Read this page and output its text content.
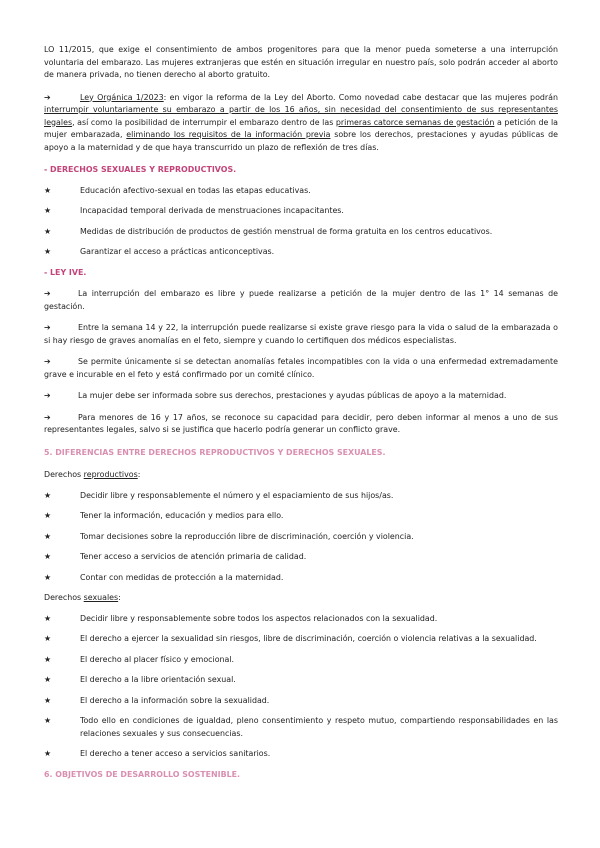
LO 11/2015, que exige el consentimiento de ambos progenitores para que la menor pueda someterse a una interrupción voluntaria del embarazo. Las mujeres extranjeras que estén en situación irregular en nuestro país, solo podrán acceder al aborto de manera privada, no tienen derecho al aborto gratuito.

➔	Ley Orgánica 1/2023: en vigor la reforma de la Ley del Aborto. Como novedad cabe destacar que las mujeres podrán interrumpir voluntariamente su embarazo a partir de los 16 años, sin necesidad del consentimiento de sus representantes legales, así como la posibilidad de interrumpir el embarazo dentro de las primeras catorce semanas de gestación a petición de la mujer embarazada, eliminando los requisitos de la información previa sobre los derechos, prestaciones y ayudas públicas de apoyo a la maternidad y de que haya transcurrido un plazo de reflexión de tres días.

- DERECHOS SEXUALES Y REPRODUCTIVOS.
★	Educación afectivo-sexual en todas las etapas educativas.
★	Incapacidad temporal derivada de menstruaciones incapacitantes.
★	Medidas de distribución de productos de gestión menstrual de forma gratuita en los centros educativos.
★	Garantizar el acceso a prácticas anticonceptivas.
- LEY IVE.
➔	La interrupción del embarazo es libre y puede realizarse a petición de la mujer dentro de las 1° 14 semanas de gestación.
➔	Entre la semana 14 y 22, la interrupción puede realizarse si existe grave riesgo para la vida o salud de la embarazada o si hay riesgo de graves anomalías en el feto, siempre y cuando lo certifiquen dos médicos especialistas.
➔	Se permite únicamente si se detectan anomalías fetales incompatibles con la vida o una enfermedad extremadamente grave e incurable en el feto y está confirmado por un comité clínico.
➔	La mujer debe ser informada sobre sus derechos, prestaciones y ayudas públicas de apoyo a la maternidad.
➔	Para menores de 16 y 17 años, se reconoce su capacidad para decidir, pero deben informar al menos a uno de sus representantes legales, salvo si se justifica que hacerlo podría generar un conflicto grave.
5. DIFERENCIAS ENTRE DERECHOS REPRODUCTIVOS Y DERECHOS SEXUALES.
Derechos reproductivos:
★	Decidir libre y responsablemente el número y el espaciamiento de sus hijos/as.
★	Tener la información, educación y medios para ello.
★	Tomar decisiones sobre la reproducción libre de discriminación, coerción y violencia.
★	Tener acceso a servicios de atención primaria de calidad.
★	Contar con medidas de protección a la maternidad.
Derechos sexuales:
★	Decidir libre y responsablemente sobre todos los aspectos relacionados con la sexualidad.
★	El derecho a ejercer la sexualidad sin riesgos, libre de discriminación, coerción o violencia relativas a la sexualidad.
★	El derecho al placer físico y emocional.
★	El derecho a la libre orientación sexual.
★	El derecho a la información sobre la sexualidad.
★	Todo ello en condiciones de igualdad, pleno consentimiento y respeto mutuo, compartiendo responsabilidades en las relaciones sexuales y sus consecuencias.
★	El derecho a tener acceso a servicios sanitarios.
6. OBJETIVOS DE DESARROLLO SOSTENIBLE.
